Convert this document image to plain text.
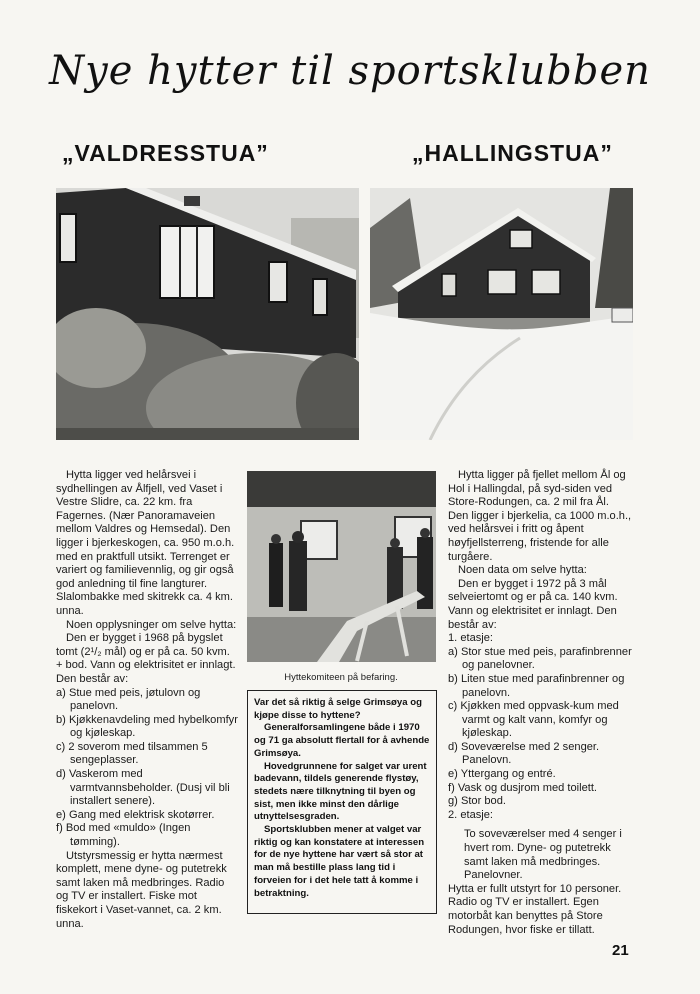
Nye hytter til sportsklubben
„VALDRESSTUA”	„HALLINGSTUA”

Hytta ligger ved helårsvei i sydhellingen av Ålfjell, ved Vaset i Vestre Slidre, ca. 22 km. fra Fagernes. (Nær Panoramaveien mellom Valdres og Hemsedal). Den ligger i bjerkeskogen, ca. 950 m.o.h. med en praktfull utsikt. Terrenget er variert og familievennlig, og gir også god anledning til fine langturer. Slalombakke med skitrekk ca. 4 km. unna.

Noen opplysninger om selve hytta:

Den er bygget i 1968 på bygslet tomt (2¹/₂ mål) og er på ca. 50 kvm. + bod. Vann og elektrisitet er innlagt. Den består av:

a) Stue med peis, jøtulovn og panelovn.
b) Kjøkkenavdeling med hybelkomfyr og kjøleskap.
c) 2 soverom med tilsammen 5 sengeplasser.
d) Vaskerom med varmtvannsbeholder. (Dusj vil bli installert senere).
e) Gang med elektrisk skotørrer.
f) Bod med «muldo» (Ingen tømming).

Utstyrsmessig er hytta nærmest komplett, mene dyne- og putetrekk samt laken må medbringes. Radio og TV er installert. Fiske mot fiskekort i Vaset-vannet, ca. 2 km. unna.

Hyttekomiteen på befaring.

Var det så riktig å selge Grimsøya og kjøpe disse to hyttene?

Generalforsamlingene både i 1970 og 71 ga absolutt flertall for å avhende Grimsøya.

Hovedgrunnene for salget var urent badevann, tildels generende flystøy, stedets nære tilknytning til byen og sist, men ikke minst den dårlige utnyttelsesgraden.

Sportsklubben mener at valget var riktig og kan konstatere at interessen for de nye hyttene har vært så stor at man må bestille plass lang tid i forveien for i det hele tatt å komme i betraktning.

Hytta ligger på fjellet mellom Ål og Hol i Hallingdal, på syd-siden ved Store-Rodungen, ca. 2 mil fra Ål. Den ligger i bjerkelia, ca 1000 m.o.h., ved helårsvei i fritt og åpent høyfjellsterreng, fristende for alle turgåere.

Noen data om selve hytta:

Den er bygget i 1972 på 3 mål selveiertomt og er på ca. 140 kvm. Vann og elektrisitet er innlagt. Den består av:

1. etasje:

a) Stor stue med peis, parafinbrenner og panelovner.
b) Liten stue med parafinbrenner og panelovn.
c) Kjøkken med oppvask-kum med varmt og kalt vann, komfyr og kjøleskap.
d) Soveværelse med 2 senger. Panelovn.
e) Yttergang og entré.
f) Vask og dusjrom med toilett.
g) Stor bod.

2. etasje:

To soveværelser med 4 senger i hvert rom. Dyne- og putetrekk samt laken må medbringes. Panelovner.

Hytta er fullt utstyrt for 10 personer. Radio og TV er installert. Egen motorbåt kan benyttes på Store Rodungen, hvor fiske er tillatt.

21
